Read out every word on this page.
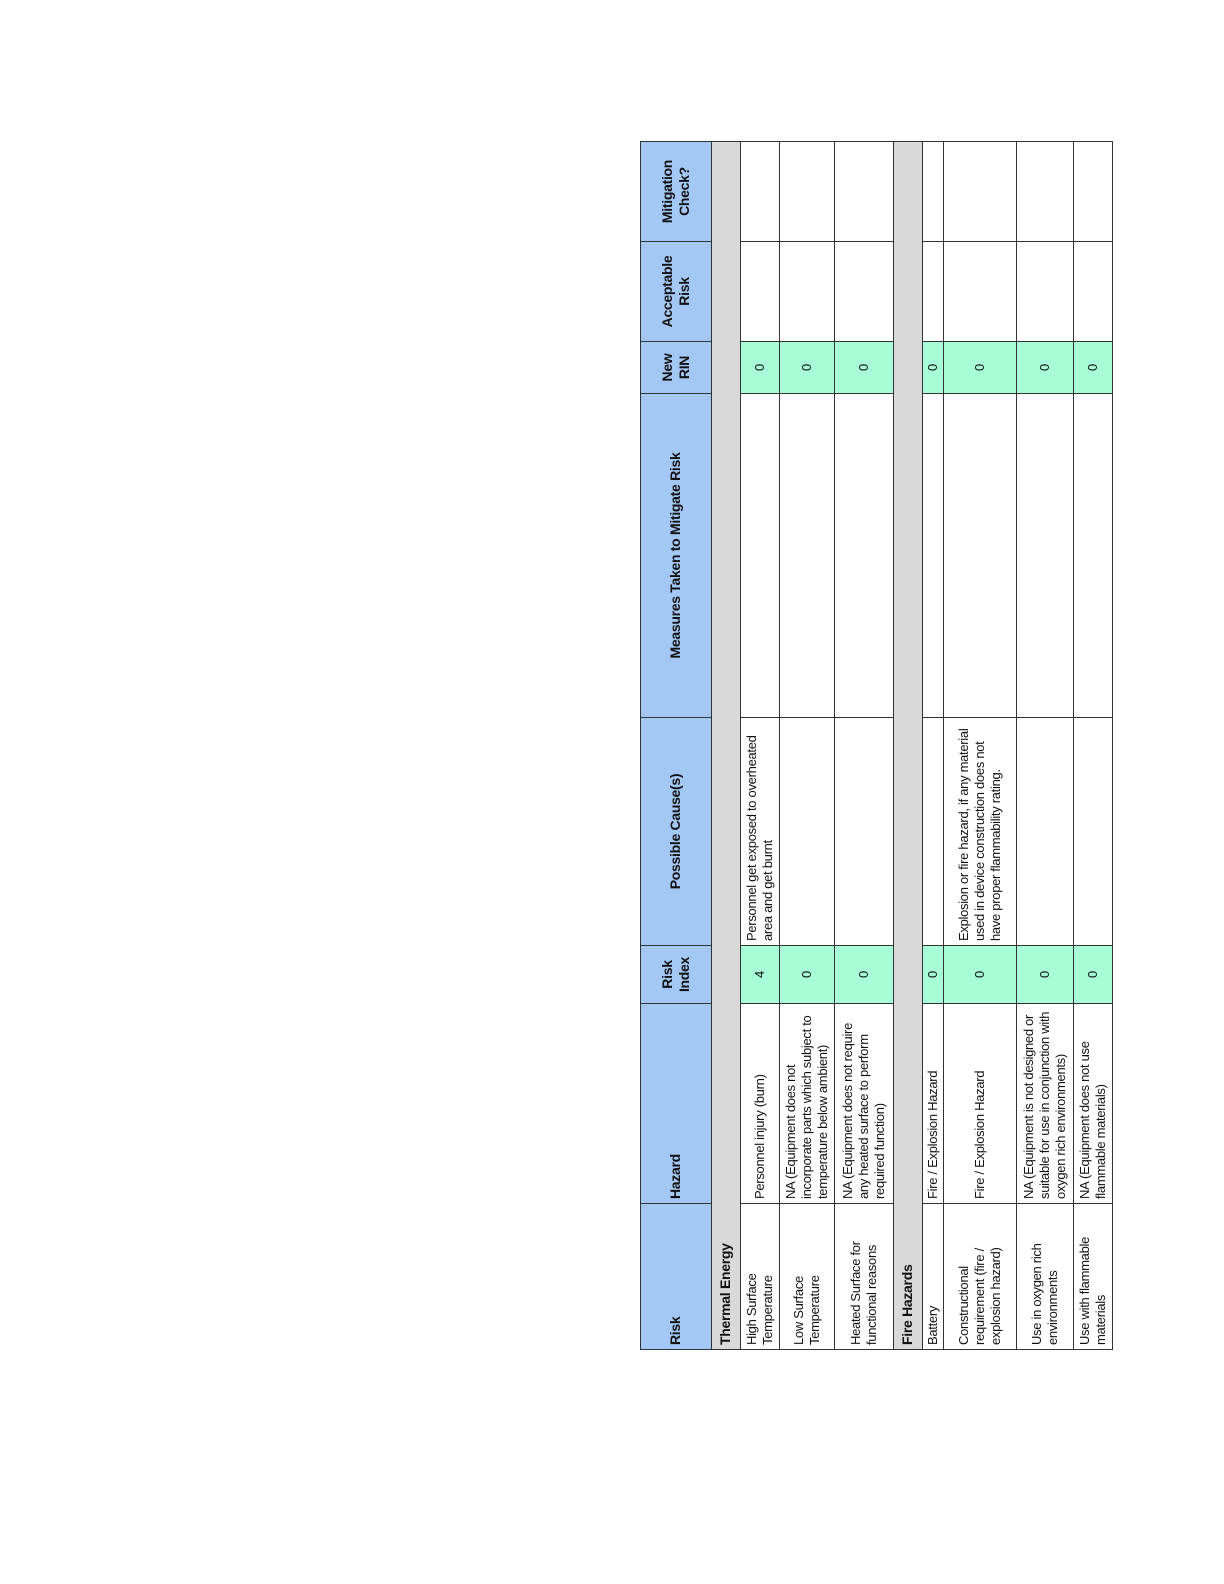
Risk	Hazard	Risk Index	Possible Cause(s)	Measures Taken to Mitigate Risk	New RIN	Acceptable Risk	Mitigation Check?
Thermal Energy							
High Surface Temperature	Personnel injury (burn)	4	Personnel get exposed to overheated area and get burnt		0		
Low Surface Temperature	NA (Equipment does not incorporate parts which subject to temperature below ambient)	0			0		
Heated Surface for functional reasons	NA (Equipment does not require any heated surface to perform required function)	0			0		
Fire Hazards							
Battery	Fire / Explosion Hazard	0			0		
Constructional requirement (fire / explosion hazard)	Fire / Explosion Hazard	0	Explosion or fire hazard, if any material used in device construction does not have proper flammability rating.		0		
Use in oxygen rich environments	NA (Equipment is not designed or suitable for use in conjunction with oxygen rich environments)	0			0		
Use with flammable materials	NA (Equipment does not use flammable materials)	0			0		
